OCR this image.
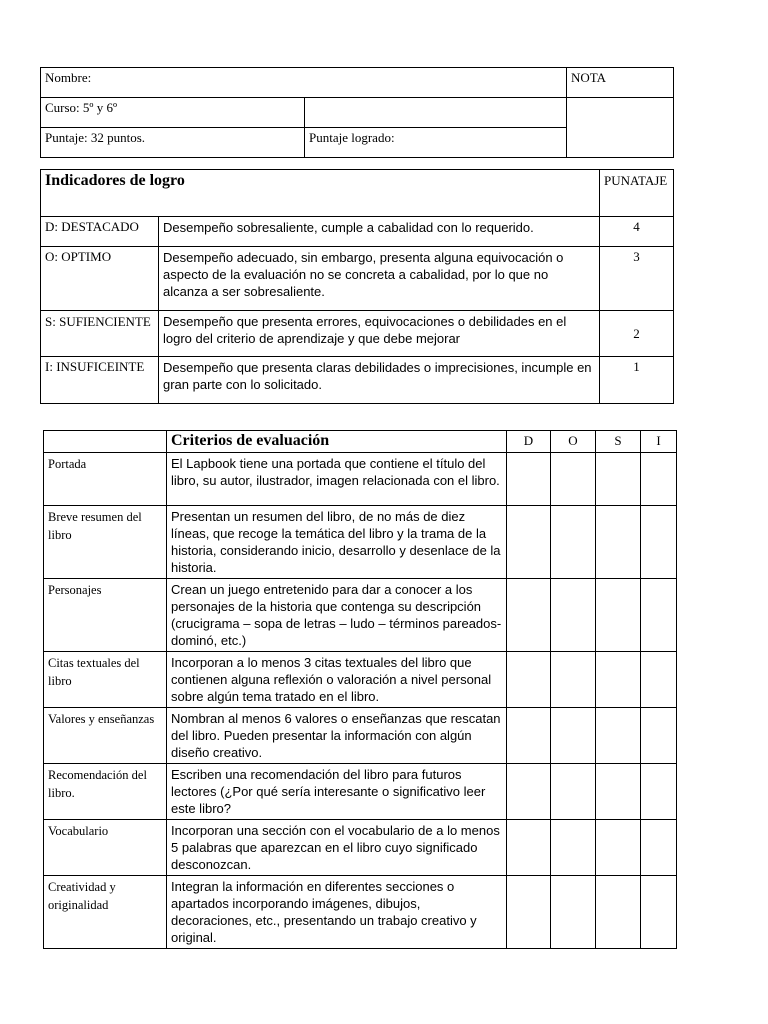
Nombre:		NOTA
Curso: 5º y 6º		
Puntaje: 32 puntos.	Puntaje logrado:	
Indicadores de logro		PUNATAJE
D: DESTACADO	Desempeño sobresaliente, cumple a cabalidad con lo requerido.	4
O: OPTIMO	Desempeño adecuado, sin embargo, presenta alguna equivocación o aspecto de la evaluación no se concreta a cabalidad, por lo que no alcanza a ser sobresaliente.	3
S: SUFIENCIENTE	Desempeño que presenta errores, equivocaciones o debilidades en el logro del criterio de aprendizaje y que debe mejorar	2
I: INSUFICEINTE	Desempeño que presenta claras debilidades o imprecisiones, incumple en gran parte con lo solicitado.	1
	Criterios de evaluación	D	O	S	I
Portada	El Lapbook tiene una portada que contiene el título del libro, su autor, ilustrador, imagen relacionada con el libro.				
Breve resumen del libro	Presentan un resumen del libro, de no más de diez líneas, que recoge la temática del libro y la trama de la historia, considerando inicio, desarrollo y desenlace de la historia.				
Personajes	Crean un juego entretenido para dar a conocer a los personajes de la historia que contenga su descripción (crucigrama – sopa de letras – ludo – términos pareados- dominó, etc.)				
Citas textuales del libro	Incorporan a lo menos 3 citas textuales del libro que contienen alguna reflexión o valoración a nivel personal sobre algún tema tratado en el libro.				
Valores y enseñanzas	Nombran al menos 6 valores o enseñanzas que rescatan del libro. Pueden presentar la información con algún diseño creativo.				
Recomendación del libro.	Escriben una recomendación del libro para futuros lectores (¿Por qué sería interesante o significativo leer este libro?				
Vocabulario	Incorporan una sección con el vocabulario de a lo menos 5 palabras que aparezcan en el libro cuyo significado desconozcan.				
Creatividad y originalidad	Integran la información en diferentes secciones o apartados incorporando imágenes, dibujos, decoraciones, etc., presentando un trabajo creativo y original.				
